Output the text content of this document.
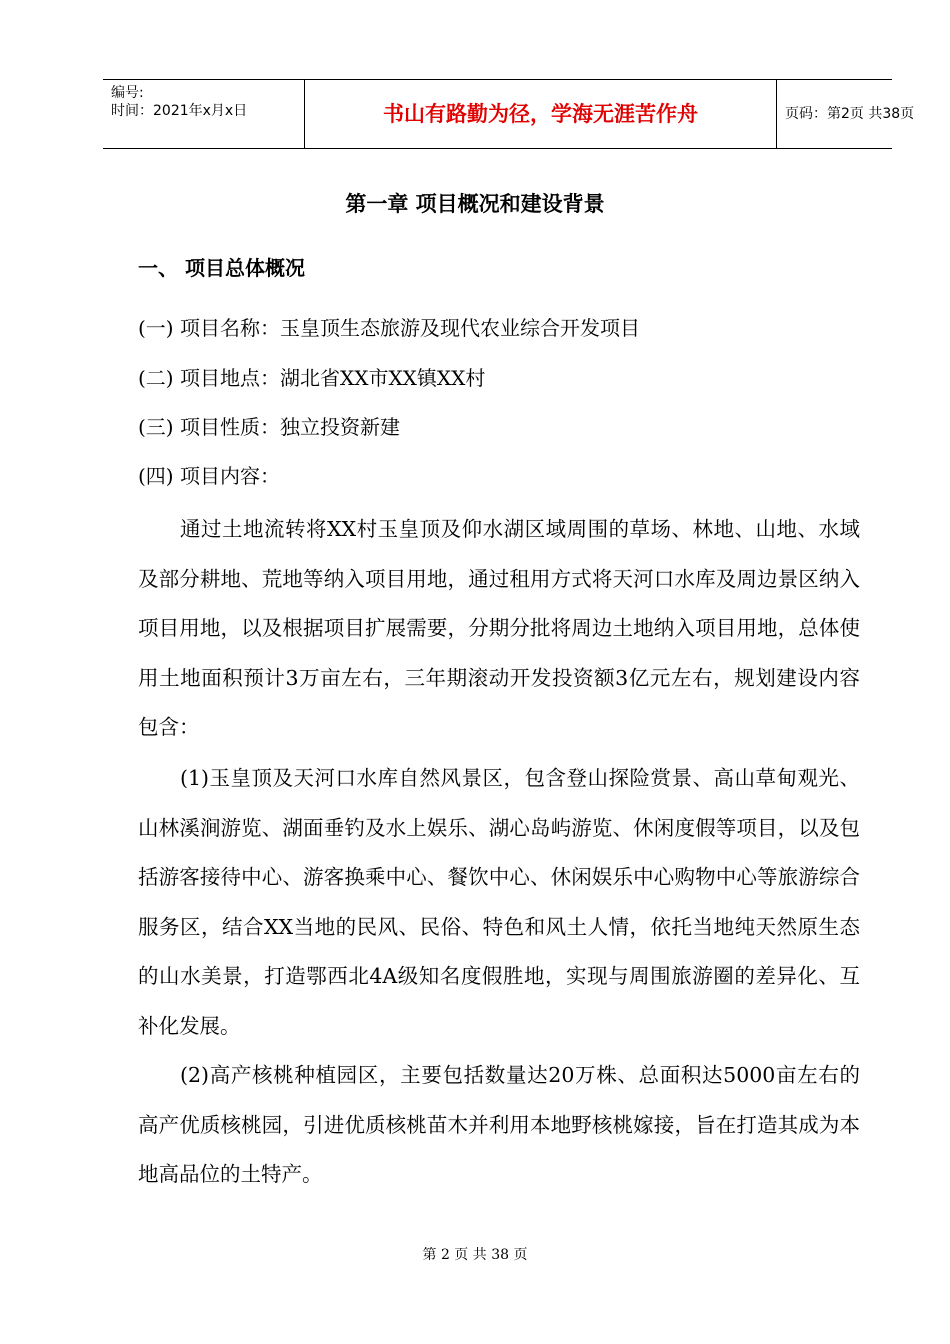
编号:
时间：2021年x月x日	书山有路勤为径，学海无涯苦作舟	页码：第2页 共38页
第一章 项目概况和建设背景
一、 项目总体概况
(一) 项目名称：玉皇顶生态旅游及现代农业综合开发项目
(二) 项目地点：湖北省XX市XX镇XX村
(三) 项目性质：独立投资新建
(四) 项目内容：
通过土地流转将XX村玉皇顶及仰水湖区域周围的草场、林地、山地、水域及部分耕地、荒地等纳入项目用地，通过租用方式将天河口水库及周边景区纳入项目用地，以及根据项目扩展需要，分期分批将周边土地纳入项目用地，总体使用土地面积预计3万亩左右，三年期滚动开发投资额3亿元左右，规划建设内容包含：
(1)玉皇顶及天河口水库自然风景区，包含登山探险赏景、高山草甸观光、山林溪涧游览、湖面垂钓及水上娱乐、湖心岛屿游览、休闲度假等项目，以及包括游客接待中心、游客换乘中心、餐饮中心、休闲娱乐中心购物中心等旅游综合服务区，结合XX当地的民风、民俗、特色和风土人情，依托当地纯天然原生态的山水美景，打造鄂西北4A级知名度假胜地，实现与周围旅游圈的差异化、互补化发展。
(2)高产核桃种植园区，主要包括数量达20万株、总面积达5000亩左右的高产优质核桃园，引进优质核桃苗木并利用本地野核桃嫁接，旨在打造其成为本地高品位的土特产。
第 2 页 共 38 页
